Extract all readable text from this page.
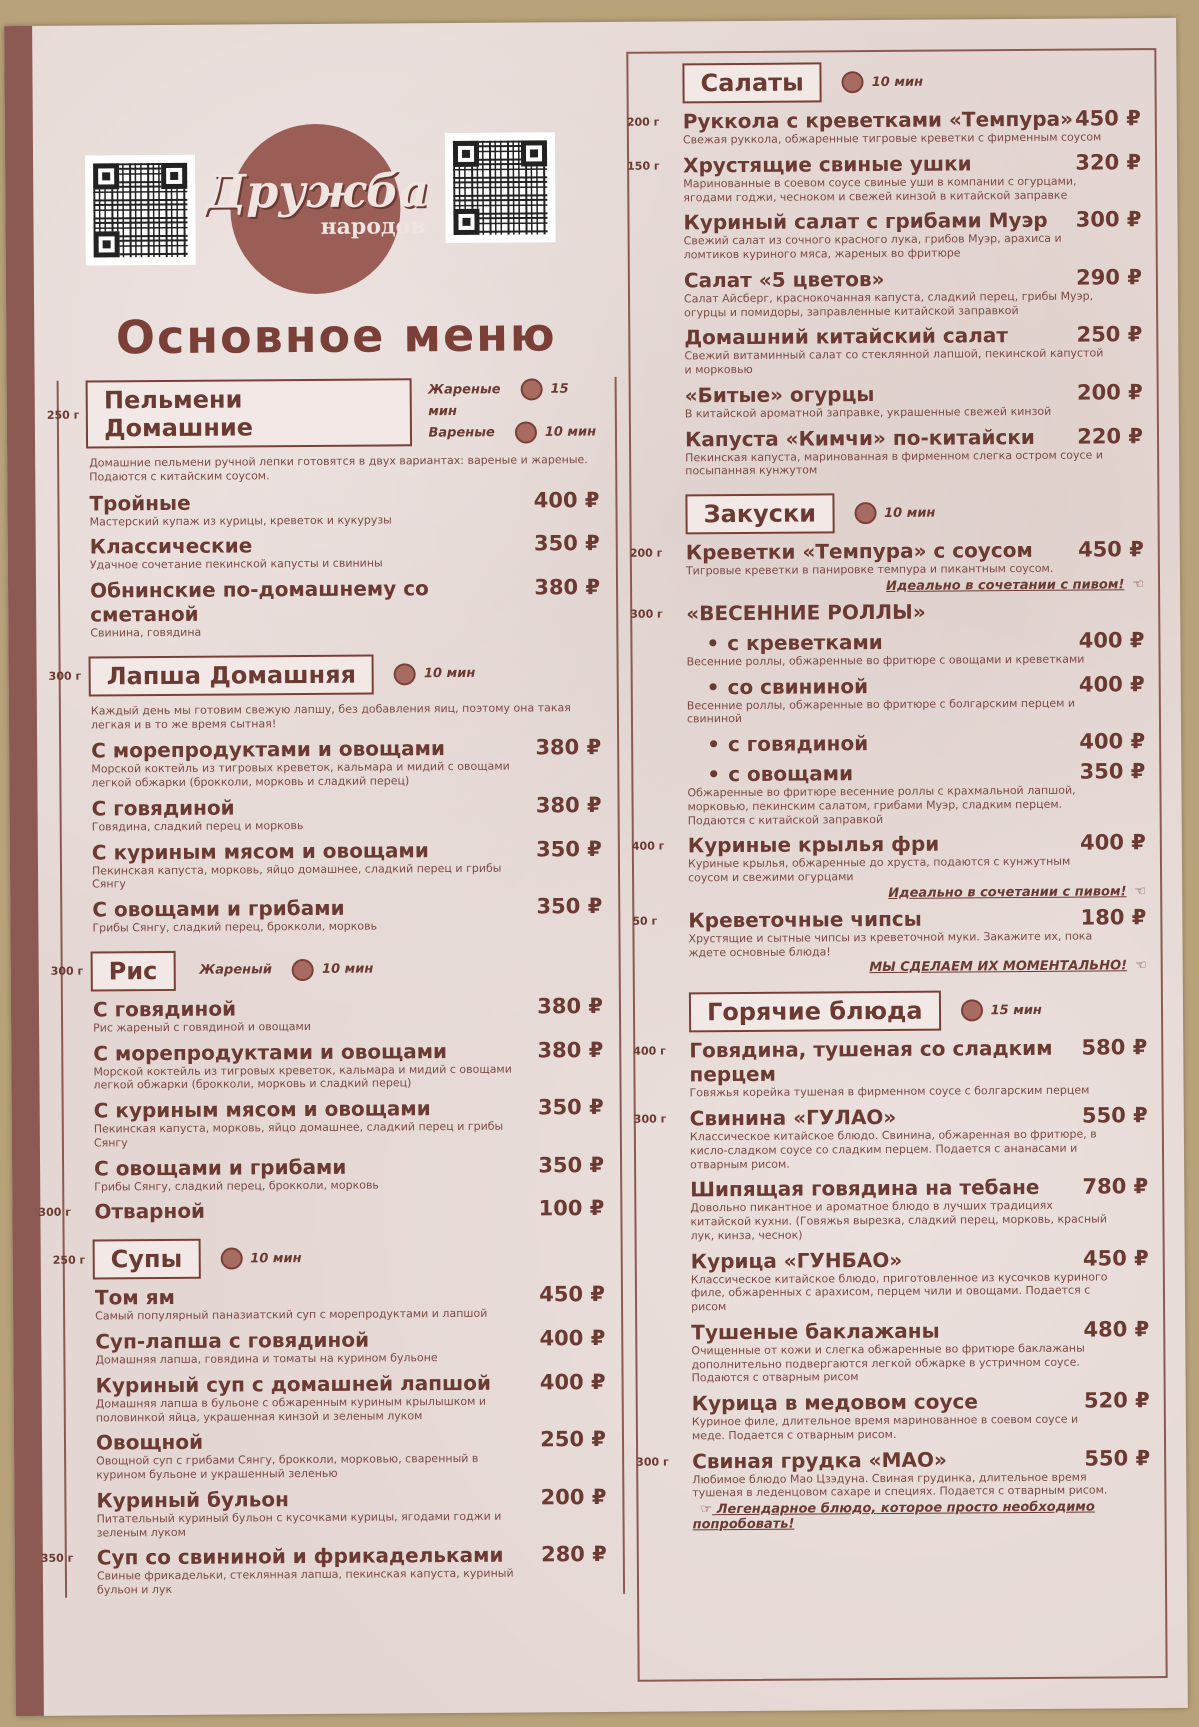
Дружба
народов
Основное меню
250 г
Пельмени Домашние
Жареные	15 мин
Вареные	10 мин
Домашние пельмени ручной лепки готовятся в двух вариантах: вареные и жареные. Подаются с китайским соусом.
Тройные	400 ₽
Мастерский купаж из курицы, креветок и кукурузы
Классические	350 ₽
Удачное сочетание пекинской капусты и свинины
Обнинские по-домашнему со сметаной
380 ₽
Свинина, говядина
300 г	Лапша Домашняя	10 мин
Каждый день мы готовим свежую лапшу, без добавления яиц, поэтому она такая легкая и в то же время сытная!
С морепродуктами и овощами	380 ₽
Морской коктейль из тигровых креветок, кальмара и мидий с овощами легкой обжарки (брокколи, морковь и сладкий перец)
С говядиной	380 ₽
Говядина, сладкий перец и морковь
С куриным мясом и овощами	350 ₽
Пекинская капуста, морковь, яйцо домашнее, сладкий перец и грибы Сянгу
С овощами и грибами	350 ₽
Грибы Сянгу, сладкий перец, брокколи, морковь
300 г	Рис	Жареный	10 мин
С говядиной	380 ₽
Рис жареный с говядиной и овощами
С морепродуктами и овощами	380 ₽
Морской коктейль из тигровых креветок, кальмара и мидий с овощами легкой обжарки (брокколи, морковь и сладкий перец)
С куриным мясом и овощами	350 ₽
Пекинская капуста, морковь, яйцо домашнее, сладкий перец и грибы Сянгу
С овощами и грибами	350 ₽
Грибы Сянгу, сладкий перец, брокколи, морковь
300 г Отварной	100 ₽
250 г	Супы	10 мин
Том ям	450 ₽
Самый популярный паназиатский суп с морепродуктами и лапшой
Суп-лапша с говядиной	400 ₽
Домашняя лапша, говядина и томаты на курином бульоне
Куриный суп с домашней лапшой 400 ₽
Домашняя лапша в бульоне с обжаренным куриным крылышком и половинкой яйца, украшенная кинзой и зеленым луком
Овощной	250 ₽
Овощной суп с грибами Сянгу, брокколи, морковью, сваренный в курином бульоне и украшенный зеленью
Куриный бульон	200 ₽
Питательный куриный бульон с кусочками курицы, ягодами годжи и зеленым луком
350 г Суп со свининой и фрикадельками 280 ₽
Свиные фрикадельки, стеклянная лапша, пекинская капуста, куриный бульон и лук
Салаты	10 мин
200 г Руккола с креветками «Темпура» 450 ₽
Свежая руккола, обжаренные тигровые креветки с фирменным соусом
150 г Хрустящие свиные ушки	320 ₽
Маринованные в соевом соусе свиные уши в компании с огурцами, ягодами годжи, чесноком и свежей кинзой в китайской заправке
Куриный салат с грибами Муэр 300 ₽
Свежий салат из сочного красного лука, грибов Муэр, арахиса и ломтиков куриного мяса, жареных во фритюре
Салат «5 цветов»	290 ₽
Салат Айсберг, краснокочанная капуста, сладкий перец, грибы Муэр, огурцы и помидоры, заправленные китайской заправкой
Домашний китайский салат	250 ₽
Свежий витаминный салат со стеклянной лапшой, пекинской капустой и морковью
«Битые» огурцы	200 ₽
В китайской ароматной заправке, украшенные свежей кинзой
Капуста «Кимчи» по-китайски 220 ₽
Пекинская капуста, маринованная в фирменном слегка остром соусе и посыпанная кунжутом
Закуски	10 мин
200 г Креветки «Темпура» с соусом 450 ₽
Тигровые креветки в панировке темпура и пикантным соусом.
Идеально в сочетании с пивом! ☜
300 г «ВЕСЕННИЕ РОЛЛЫ»
• с креветками	400 ₽
Весенние роллы, обжаренные во фритюре с овощами и креветками
• со свининой	400 ₽
Весенние роллы, обжаренные во фритюре с болгарским перцем и свининой
• с говядиной	400 ₽
• с овощами	350 ₽
Обжаренные во фритюре весенние роллы с крахмальной лапшой, морковью, пекинским салатом, грибами Муэр, сладким перцем. Подаются с китайской заправкой
400 г Куриные крылья фри	400 ₽
Куриные крылья, обжаренные до хруста, подаются с кунжутным соусом и свежими огурцами
Идеально в сочетании с пивом! ☜
50 г Креветочные чипсы	180 ₽
Хрустящие и сытные чипсы из креветочной муки. Закажите их, пока ждете основные блюда!
МЫ СДЕЛАЕМ ИХ МОМЕНТАЛЬНО! ☜
Горячие блюда	15 мин
400 г Говядина, тушеная со сладким перцем
580 ₽
Говяжья корейка тушеная в фирменном соусе с болгарским перцем
300 г Свинина «ГУЛАО»	550 ₽
Классическое китайское блюдо. Свинина, обжаренная во фритюре, в кисло-сладком соусе со сладким перцем. Подается с ананасами и отварным рисом.
Шипящая говядина на тебане 780 ₽
Довольно пикантное и ароматное блюдо в лучших традициях китайской кухни. (Говяжья вырезка, сладкий перец, морковь, красный лук, кинза, чеснок)
Курица «ГУНБАО»	450 ₽
Классическое китайское блюдо, приготовленное из кусочков куриного филе, обжаренных с арахисом, перцем чили и овощами. Подается с рисом
Тушеные баклажаны	480 ₽
Очищенные от кожи и слегка обжаренные во фритюре баклажаны дополнительно подвергаются легкой обжарке в устричном соусе. Подаются с отварным рисом
Курица в медовом соусе	520 ₽
Куриное филе, длительное время маринованное в соевом соусе и меде. Подается с отварным рисом.
300 г Свиная грудка «МАО»	550 ₽
Любимое блюдо Мао Цзэдуна. Свиная грудинка, длительное время тушеная в леденцовом сахаре и специях. Подается с отварным рисом.
☞ Легендарное блюдо, которое просто необходимо попробовать!
